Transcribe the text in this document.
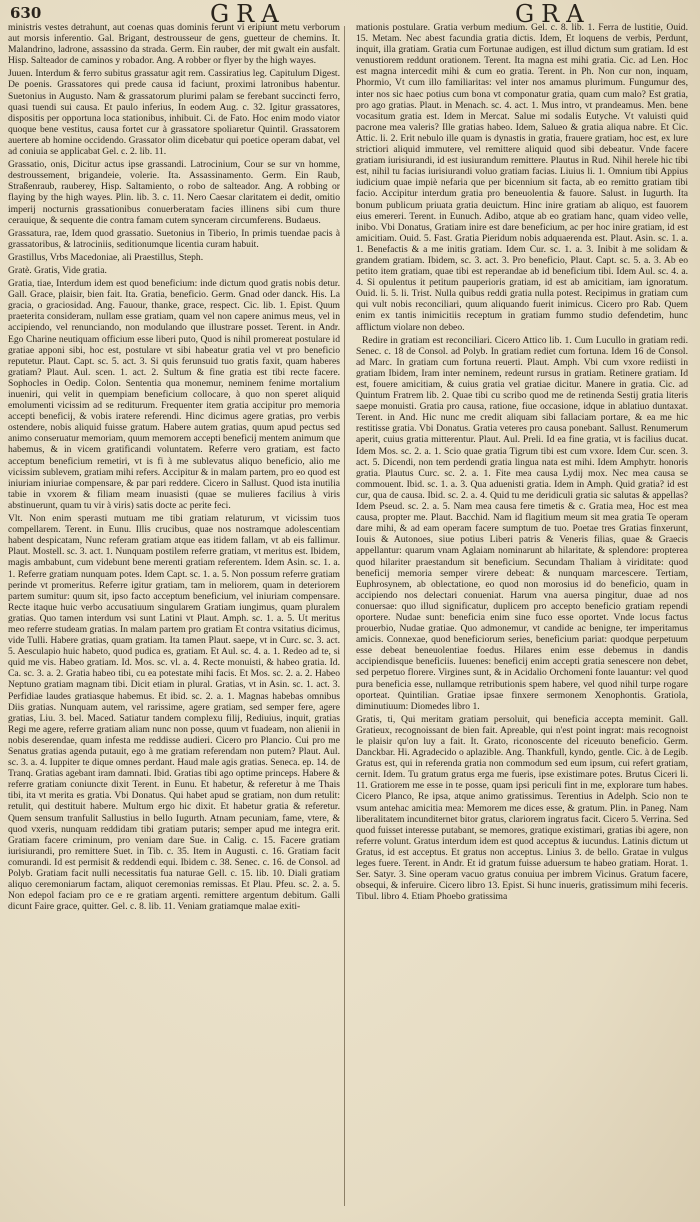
630	GRA	GRA

ministris vestes detrahunt, aut coenas quas dominis ferunt vi eripiunt metu verborum aut morsis inferentio. Gal. Brigant, destrousseur de gens, guetteur de chemins. It. Malandrino, ladrone, assassino da strada. Germ. Ein rauber, der mit gwalt ein ausfalt. Hisp. Salteador de caminos y robador. Ang. A robber or flyer by the high wayes.

Juuen. Interdum & ferro subitus grassatur agit rem. Cassiratius leg. Capitulum Digest. De poenis. Grassatores qui prede causa id faciunt, proximi latronibus habentur. Suetonius in Augusto. Nam & grassatorum plurimi palam se ferebant succincti ferro, quasi tuendi sui causa. Et paulo inferius, In eodem Aug. c. 32. Igitur grassatores, dispositis per opportuna loca stationibus, inhibuit. Ci. de Fato. Hoc enim modo viator quoque bene vestitus, causa fortet cur à grassatore spoliaretur Quintil. Grassatorem auertere ab homine occidendo. Grassator olim dicebatur qui poetice operam dabat, vel ad coniuia se applicabat Gel. c. 2. lib. 11.

Grassatio, onis, Dicitur actus ipse grassandi. Latrocinium, Cour se sur vn homme, destroussement, brigandeie, volerie. Ita. Assassinamento. Germ. Ein Raub, Straßenraub, rauberey, Hisp. Saltamiento, o robo de salteador. Ang. A robbing or flaying by the high wayes. Plin. lib. 3. c. 11. Nero Caesar claritatem ei dedit, omitio imperij nocturnis grassationibus conuerberatam facies illinens sibi cum thure cerauique, & sequente die contra famam cutem synceram circumferens. Budaeus.

Grassatura, rae, Idem quod grassatio. Suetonius in Tiberio, In primis tuendae pacis à grassatoribus, & latrociniis, seditionumque licentia curam habuit.

Grastillus, Vrbs Macedoniae, ali Praestillus, Steph.

Gratè. Gratis, Vide gratia.

Gratia, tiae, Interdum idem est quod beneficium: inde dictum quod gratis nobis detur. Gall. Grace, plaisir, bien fait. Ita. Gratia, beneficio. Germ. Gnad oder danck. His. La gracia, o graciosidad. Ang. Fauour, thanke, grace, respect. Cic. lib. 1. Epist. Quum praeterita consideram, nullam esse gratiam, quam vel non capere animus meus, vel in accipiendo, vel renunciando, non modulando que illustrare posset. Terent. in Andr. Ego Charine neutiquam officium esse liberi puto, Quod is nihil promereat postulare id gratiae apponi sibi, hoc est, postulare vt sibi habeatur gratia vel vt pro beneficio reputetur. Plaut. Capt. sc. 5. act. 3. Si quis ferunsuid tuo gratis faxit, quam haberes gratiam? Plaut. Aul. scen. 1. act. 2. Sultum & fine gratia est tibi recte facere. Sophocles in Oedip. Colon. Sententia qua monemur, neminem fenime mortalium inueniri, qui velit in quempiam beneficium collocare, à quo non speret aliquid emolumenti vicissim ad se rediturum. Frequenter item gratia accipitur pro memoria accepti beneficij, & vobis iratere referendi. Hinc dicimus agere gratias, pro verbis ostendere, nobis aliquid fuisse gratum. Habere autem gratias, quum apud pectus sed animo conseruatur memoriam, quum memorem accepti beneficij mentem animum que habemus, & in vicem gratificandi voluntatem. Referre vero gratiam, est facto acceptum beneficium remetiri, vt is fi à me sublevatus aliquo beneficio, alio me vicissim sublevem, gratiam mihi refers. Accipitur & in malam partem, pro eo quod est iniuriam iniuriae compensare, & par pari reddere. Cicero in Sallust. Quod ista inutilia tabie in vxorem & filiam meam inuasisti (quae se mulieres facilius à viris abstinuerunt, quam tu vir à viris) satis docte ac perite feci.

Vlt. Non enim sperasti mutuam me tibi gratiam relaturum, vt vicissim tuos compellarem. Terent. in Eunu. Illis crucibus, quae nos nostramque adolescentiam habent despicatam, Nunc referam gratiam atque eas itidem fallam, vt ab eis fallimur. Plaut. Mostell. sc. 3. act. 1. Nunquam postilem referre gratiam, vt meritus est. Ibidem, magis ambabunt, cum videbunt bene merenti gratiam referentem. Idem Asin. sc. 1. a. 1. Referre gratiam nunquam potes. Idem Capt. sc. 1. a. 5. Non possum referre gratiam perinde vt promeritus. Referre igitur gratiam, tam in meliorem, quam in deteriorem partem sumitur: quum sit, ipso facto acceptum beneficium, vel iniuriam compensare. Recte itaque huic verbo accusatiuum singularem Gratiam iungimus, quam pluralem gratias. Quo tamen interdum vsi sunt Latini vt Plaut. Amph. sc. 1. a. 5. Ut meritus meo referre studeam gratias. In malam partem pro gratiam Et contra vsitatius dicimus, vide Tulli. Habere gratias, quam gratiam. Ita tamen Plaut. saepe, vt in Curc. sc. 3. act. 5. Aesculapio huic habeto, quod pudica es, gratiam. Et Aul. sc. 4. a. 1. Redeo ad te, si quid me vis. Habeo gratiam. Id. Mos. sc. vl. a. 4. Recte monuisti, & habeo gratia. Id. Ca. sc. 3. a. 2. Gratia habeo tibi, cu ea potestate mihi facis. Et Mos. sc. 2. a. 2. Habeo Neptuno gratiam magnam tibi. Dicit etiam in plural. Gratias, vt in Asin. sc. 1. act. 3. Perfidiae laudes gratiasque habemus. Et ibid. sc. 2. a. 1. Magnas habebas omnibus Diis gratias. Nunquam autem, vel rarissime, agere gratiam, sed semper fere, agere gratias, Liu. 3. bel. Maced. Satiatur tandem complexu filij, Rediuius, inquit, gratias Regi me agere, referre gratiam aliam nunc non posse, quum vt fuadeam, non alienii in nobis deserendae, quam infesta me reddisse audieri. Cicero pro Plancio. Cui pro me Senatus gratias agenda putauit, ego à me gratiam referendam non putem? Plaut. Aul. sc. 3. a. 4. Iuppiter te dique omnes perdant. Haud male agis gratias. Seneca. ep. 14. de Tranq. Gratias agebant iram damnati. Ibid. Gratias tibi ago optime princeps. Habere & referre gratiam coniuncte dixit Terent. in Eunu. Et habetur, & referetur à me Thais tibi, ita vt merita es gratia. Vbi Donatus. Qui habet apud se gratiam, non dum retulit: retulit, qui destituit habere. Multum ergo hic dixit. Et habetur gratia & referetur. Quem sensum tranfulit Sallustius in bello Iugurth. Atnam pecuniam, fame, vtere, & quod vxeris, nunquam reddidam tibi gratiam putaris; semper apud me integra erit. Gratiam facere criminum, pro veniam dare Sue. in Calig. c. 15. Facere gratiam iurisiurandi, pro remittere Suet. in Tib. c. 35. Item in Augusti. c. 16. Gratiam facit comurandi. Id est permisit & reddendi equi. Ibidem c. 38. Senec. c. 16. de Consol. ad Polyb. Gratiam facit nulli necessitatis fua naturae Gell. c. 15. lib. 10. Diali gratiam aliquo ceremoniarum factam, aliquot ceremonias remissas. Et Plau. Pfeu. sc. 2. a. 5. Non edepol faciam pro ce e re gratiam argenti. remittere argentum debitum. Galli dicunt Faire grace, quitter. Gel. c. 8. lib. 11. Veniam gratiamque malae exiti-

mationis postulare. Gratia verbum medium. Gel. c. 8. lib. 1. Ferra de lustitie, Ouid. 15. Metam. Nec abest facundia gratia dictis. Idem, Et loquens de verbis, Perdunt, inquit, illa gratiam. Gratia cum Fortunae audigen, est illud dictum sum gratiam. Id est venustiorem reddunt orationem. Terent. Ita magna est mihi gratia. Cic. ad Len. Hoc est magna intercedit mihi & cum eo gratia. Terent. in Ph. Non cur non, inquam, Phormio, Vt cum illo familiaritas: vel inter nos amamus plurimum. Fungumur des, inter nos sic haec potius cum bona vt componatur gratia, quam cum malo? Est gratia, pro ago gratias. Plaut. in Menach. sc. 4. act. 1. Mus intro, vt prandeamus. Men. bene vocasitum gratia est. Idem in Mercat. Salue mi sodalis Eutyche. Vt valuisti quid pacrone mea valeris? Ille gratias habeo. Idem, Salueo & gratia aliqua nabre. Et Cic. Attic. li. 2. Erit nebulo ille quam is dynastis in gratia, frauere gratiam, hoc est, ex lure strictiori aliquid immutere, vel remittere aliquid quod sibi debeatur. Vnde facere gratiam iurisiurandi, id est iusiurandum remittere. Plautus in Rud. Nihil herele hic tibi est, nihil tu facias iurisiurandi voluo gratiam facias. Liuius li. 1. Omnium tibi Appius iudicium quae impiè nefaria que per bicennium sit facta, ab eo remitto gratiam tibi facio. Accipitur interdum gratia pro beneuolentia & fauore. Salust. in Iugurth. Ita bonum publicum priuata gratia deuictum. Hinc inire gratiam ab aliquo, est fauorem eius emereri. Terent. in Eunuch. Adibo, atque ab eo gratiam hanc, quam video velle, inibo. Vbi Donatus, Gratiam inire est dare beneficium, ac per hoc inire gratiam, id est amicitiam. Ouid. 5. Fast. Gratia Pieridum nobis adquaerenda est. Plaut. Asin. sc. 1. a. 1. Benefactis & a me initis gratiam. Idem Cur. sc. 1. a. 3. Inibit à me solidam & grandem gratiam. Ibidem, sc. 3. act. 3. Pro beneficio, Plaut. Capt. sc. 5. a. 3. Ab eo petito item gratiam, quae tibi est reperandae ab id beneficium tibi. Idem Aul. sc. 4. a. 4. Si opulentus it petitum pauperioris gratiam, id est ab amicitiam, iam ignoratum. Ouid. li. 5. li. Trist. Nulla quibus reddi gratia nulla potest. Recipimus in gratiam cum qui vult nobis reconciliari, quum aliquando fuerit inimicus. Cicero pro Rab. Quem enim ex tantis inimicitiis receptum in gratiam fummo studio defendetim, hunc afflictum violare non debeo.

Redire in gratiam est reconciliari. Cicero Attico lib. 1. Cum Lucullo in gratiam redi. Senec. c. 18 de Consol. ad Polyb. In gratiam rediet cum fortuna. Idem 16 de Consol. ad Marc. In gratiam cum fortuna reuerti. Plaut. Amph. Vbi cum vxore rediisti in gratiam Ibidem, Iram inter neminem, redeunt rursus in gratiam. Retinere gratiam. Id est, fouere amicitiam, & cuius gratia vel gratiae dicitur. Manere in gratia. Cic. ad Quintum Fratrem lib. 2. Quae tibi cu scribo quod me de retinenda Sestij gratia literis saepe monuisti. Gratia pro causa, ratione, fiue occasione, idque in ablatiuo duntaxat. Terent. in And. Hic nunc me credit aliquam sibi fallaciam portare, & ea me hic restitisse gratia. Vbi Donatus. Gratia veteres pro causa ponebant. Sallust. Renumerum aperit, cuius gratia mitterentur. Plaut. Aul. Preli. Id ea fine gratia, vt is facilius ducat. Idem Mos. sc. 2. a. 1. Scio quae gratia Tigrum tibi est cum vxore. Idem Cur. scen. 3. act. 5. Dicendi, non tem perdendi gratia lingua nata est mihi. Idem Amphytr. honoris gratia. Plautus Curc. sc. 2. a. 1. Fite mea causa Lydij mox. Nec mea causa se commouent. Ibid. sc. 1. a. 3. Qua aduenisti gratia. Idem in Amph. Quid gratia? id est cur, qua de causa. Ibid. sc. 2. a. 4. Quid tu me deridiculi gratia sic salutas & appellas? Idem Pseud. sc. 2. a. 5. Nam mea causa fere timetis & c. Gratia mea, Hoc est mea causa, propter me. Plaut. Bacchid. Nam id flagitium meum sit mea gratia Te operam dare mihi, & ad eam operam facere sumptum de tuo. Poetae tres Gratias finxerunt, Iouis & Autonoes, siue potius Liberi patris & Veneris filias, quae & Graecis appellantur: quarum vnam Aglaiam nominarunt ab hilaritate, & splendore: propterea quod hilariter praestandum sit beneficium. Secundam Thaliam à viriditate: quod beneficij memoria semper virere debeat: & nunquam marcescere. Tertiam, Euphrosynem, ab oblectatione, eo quod non morosius id do beneficio, quam in accipiendo nos delectari conueniat. Harum vna auersa pingitur, duae ad nos conuersae: quo illud significatur, duplicem pro accepto beneficio gratiam rependi oportere. Nudae sunt: beneficia enim sine fuco esse oportet. Vnde locus factus prouerbio, Nudae gratiae. Quo admonemur, vt candide ac benigne, ter imperitamus amicis. Connexae, quod beneficiorum series, beneficium pariat: quodque perpetuum esse debeat beneuolentiae foedus. Hilares enim esse debemus in dandis accipiendisque beneficiis. Iuuenes: beneficij enim accepti gratia senescere non debet, sed perpetuo florere. Virgines sunt, & in Acidalio Orchomeni fonte lauantur: vel quod pura beneficia esse, nullamque retributionis spem habere, vel quod nihil turpe rogare oporteat. Quintilian. Gratiae ipsae finxere sermonem Xenophontis. Gratiola, diminutiuum: Diomedes libro 1.

Gratis, ti, Qui meritam gratiam persoluit, qui beneficia accepta meminit. Gall. Gratieux, recognoissant de bien fait. Apreable, qui n'est point ingrat: mais recognoist le plaisir qu'on luy a fait. It. Grato, riconoscente del riceuuto beneficio. Germ. Danckbar. Hi. Agradecido o aplazible. Ang. Thankfull, kyndo, gentle. Cic. à de Legib. Gratus est, qui in referenda gratia non commodum sed eum ipsum, cui refert gratiam, cernit. Idem. Tu gratum gratus erga me fueris, ipse existimare potes. Brutus Ciceri li. 11. Gratiorem me esse in te posse, quam ipsi periculi fint in me, explorare tum habes. Cicero Planco, Re ipsa, atque animo gratissimus. Terentius in Adelph. Scio non te vsum antehac amicitia mea: Memorem me dices esse, & gratum. Plin. in Paneg. Nam liberalitatem incunditernet bitor gratus, clariorem ingratus facit. Cicero 5. Verrina. Sed quod fuisset interesse putabant, se memores, gratique existimari, gratias ibi agere, non referre volunt. Gratus interdum idem est quod acceptus & iucundus. Latinis dictum ut Gratus, id est acceptus. Et gratus non acceptus. Linius 3. de bello. Gratae in vulgus leges fuere. Terent. in Andr. Et id gratum fuisse aduersum te habeo gratiam. Horat. 1. Ser. Satyr. 3. Sine operam vacuo gratus conuiua per imbrem Vicinus. Gratum facere, obsequi, & inferuire. Cicero libro 13. Epist. Si hunc inueris, gratissimum mihi feceris. Tibul. libro 4. Etiam Phoebo gratissima
